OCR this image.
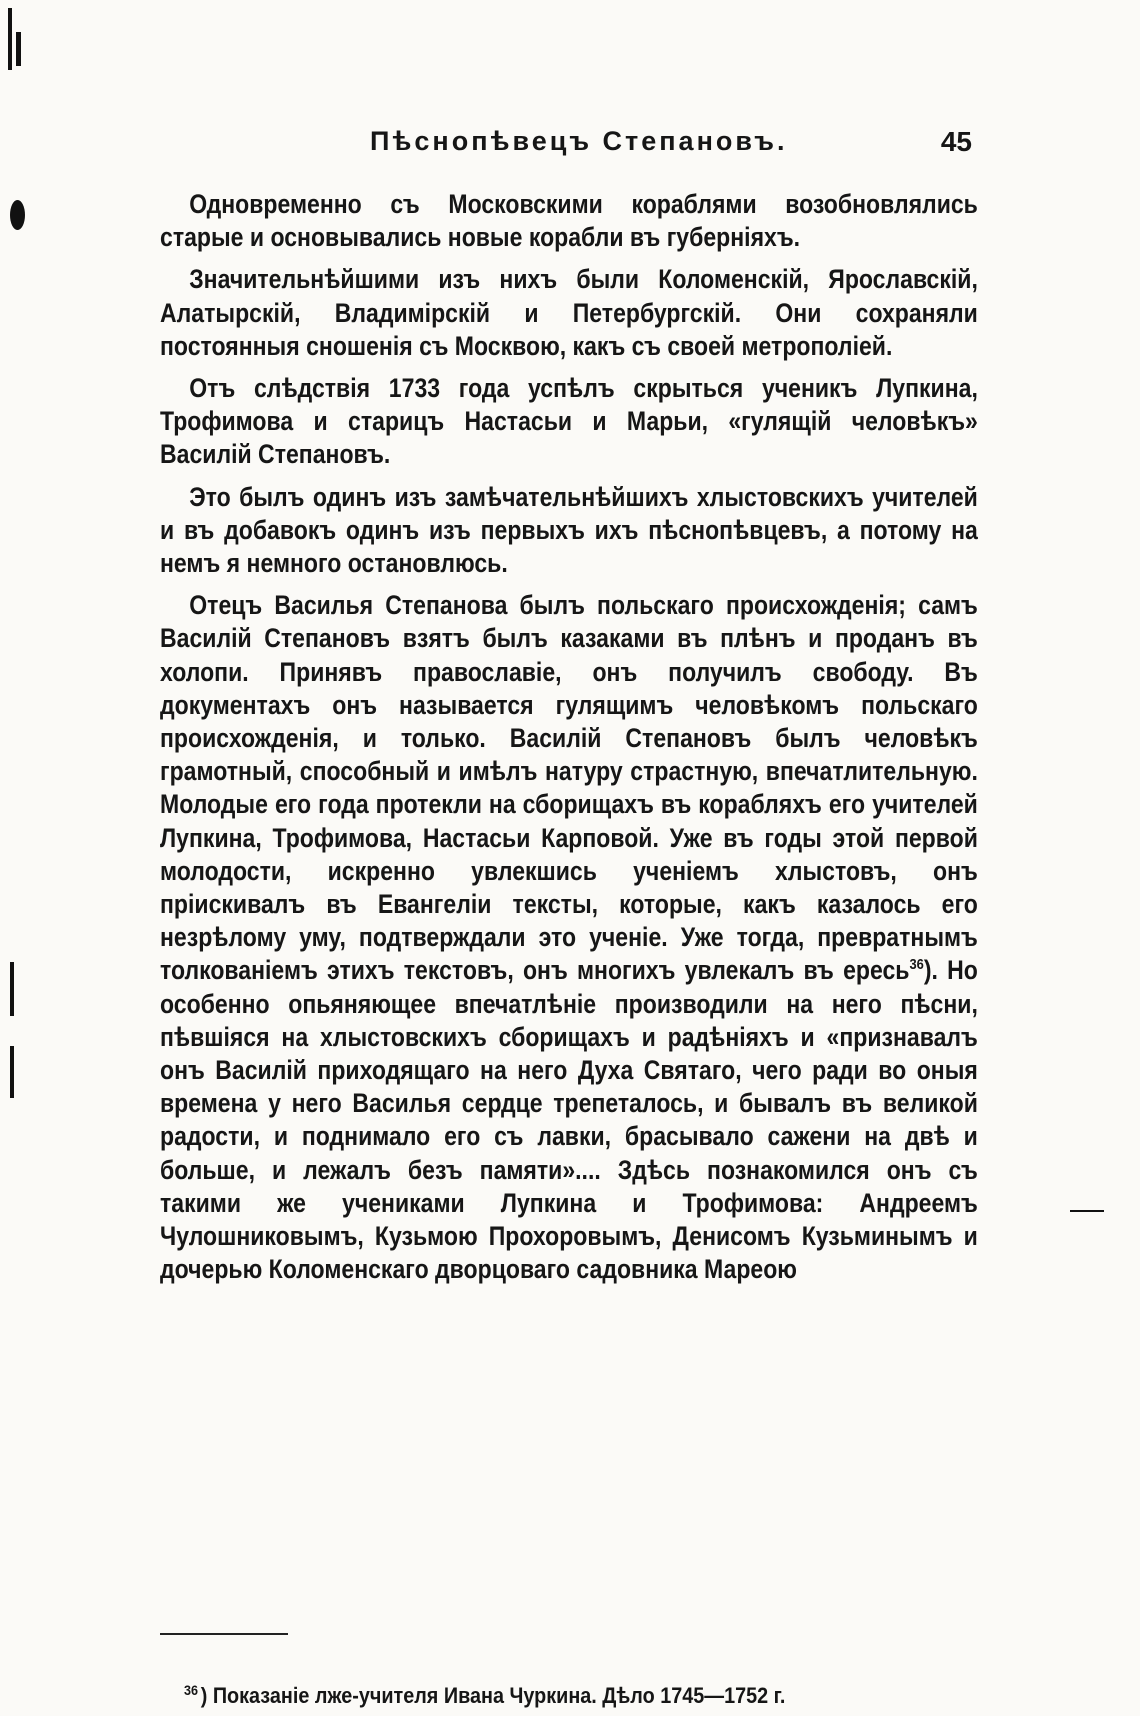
Пѣснопѣвецъ Степановъ.	45

Одновременно съ Московскими кораблями возобновлялись старые и основывались новые корабли въ губерніяхъ.

Значительнѣйшими изъ нихъ были Коломенскій, Ярославскій, Алатырскій, Владимірскій и Петербургскій. Они сохраняли постоянныя сношенія съ Москвою, какъ съ своей метрополіей.

Отъ слѣдствія 1733 года успѣлъ скрыться ученикъ Лупкина, Трофимова и старицъ Настасьи и Марьи, «гулящій человѣкъ» Василій Степановъ.

Это былъ одинъ изъ замѣчательнѣйшихъ хлыстовскихъ учителей и въ добавокъ одинъ изъ первыхъ ихъ пѣснопѣвцевъ, а потому на немъ я немного остановлюсь.

Отецъ Василья Степанова былъ польскаго происхожденія; самъ Василій Степановъ взятъ былъ казаками въ плѣнъ и проданъ въ холопи. Принявъ православіе, онъ получилъ свободу. Въ документахъ онъ называется гулящимъ человѣкомъ польскаго происхожденія, и только. Василій Степановъ былъ человѣкъ грамотный, способный и имѣлъ натуру страстную, впечатлительную. Молодые его года протекли на сборищахъ въ корабляхъ его учителей Лупкина, Трофимова, Настасьи Карповой. Уже въ годы этой первой молодости, искренно увлекшись ученіемъ хлыстовъ, онъ пріискивалъ въ Евангеліи тексты, которые, какъ казалось его незрѣлому уму, подтверждали это ученіе. Уже тогда, превратнымъ толкованіемъ этихъ текстовъ, онъ многихъ увлекалъ въ ересь$^{36}$). Но особенно опьяняющее впечатлѣніе производили на него пѣсни, пѣвшіяся на хлыстовскихъ сборищахъ и радѣніяхъ и «признавалъ онъ Василій приходящаго на него Духа Святаго, чего ради во оныя времена у него Василья сердце трепеталось, и бывалъ въ великой радости, и поднимало его съ лавки, брасывало сажени на двѣ и больше, и лежалъ безъ памяти».... Здѣсь познакомился онъ съ такими же учениками Лупкина и Трофимова: Андреемъ Чулошниковымъ, Кузьмою Прохоровымъ, Денисомъ Кузьминымъ и дочерью Коломенскаго дворцоваго садовника Мареою

$^{36}$ ) Показаніе лже-учителя Ивана Чуркина. Дѣло 1745—1752 г.
